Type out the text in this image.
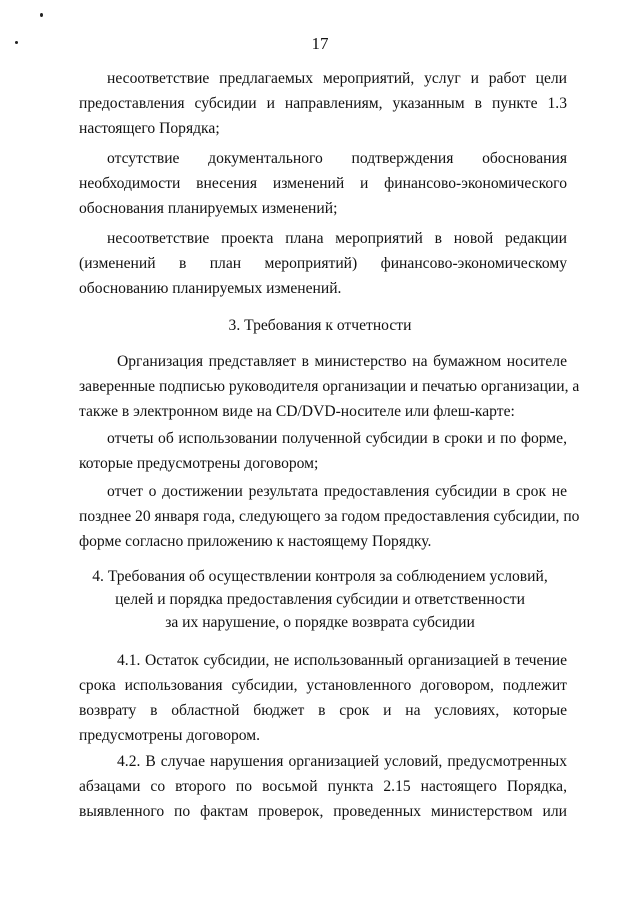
17
несоответствие предлагаемых мероприятий, услуг и работ цели
предоставления субсидии и направлениям, указанным в пункте 1.3
настоящего Порядка;
отсутствие документального подтверждения обоснования
необходимости внесения изменений и финансово-экономического
обоснования планируемых изменений;
несоответствие проекта плана мероприятий в новой редакции
(изменений в план мероприятий) финансово-экономическому
обоснованию планируемых изменений.
3. Требования к отчетности
Организация представляет в министерство на бумажном носителе
заверенные подписью руководителя организации и печатью организации, а
также в электронном виде на CD/DVD-носителе или флеш-карте:
отчеты об использовании полученной субсидии в сроки и по форме,
которые предусмотрены договором;
отчет о достижении результата предоставления субсидии в срок не
позднее 20 января года, следующего за годом предоставления субсидии, по
форме согласно приложению к настоящему Порядку.
4. Требования об осуществлении контроля за соблюдением условий,
целей и порядка предоставления субсидии и ответственности
за их нарушение, о порядке возврата субсидии
4.1. Остаток субсидии, не использованный организацией в течение
срока использования субсидии, установленного договором, подлежит
возврату в областной бюджет в срок и на условиях, которые
предусмотрены договором.
4.2. В случае нарушения организацией условий, предусмотренных
абзацами со второго по восьмой пункта 2.15 настоящего Порядка,
выявленного по фактам проверок, проведенных министерством или
